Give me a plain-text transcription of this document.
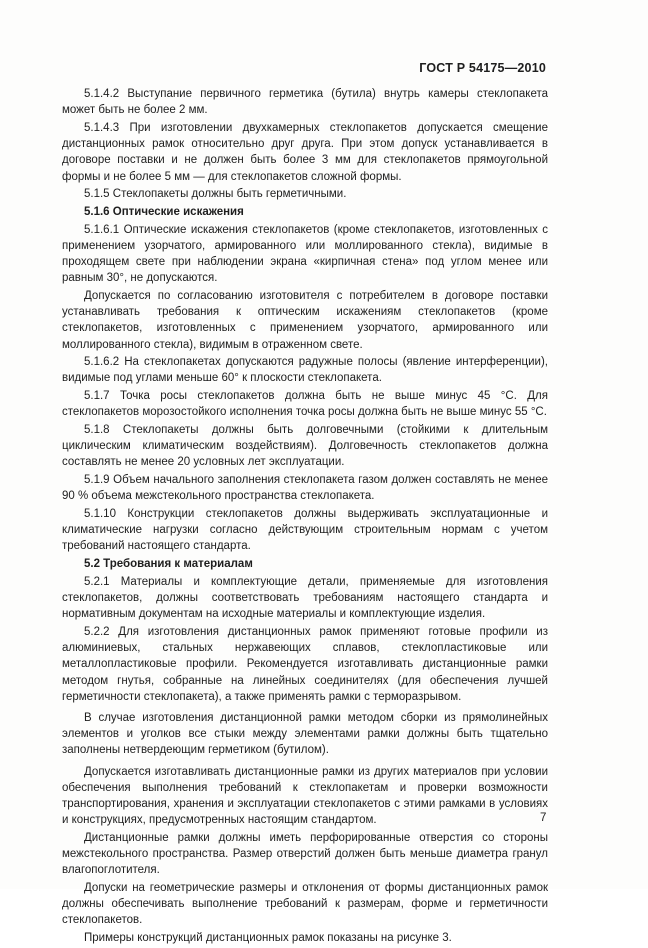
ГОСТ Р 54175—2010

5.1.4.2 Выступание первичного герметика (бутила) внутрь камеры стеклопакета может быть не более 2 мм.

5.1.4.3 При изготовлении двухкамерных стеклопакетов допускается смещение дистанционных рамок относительно друг друга. При этом допуск устанавливается в договоре поставки и не должен быть более 3 мм для стеклопакетов прямоугольной формы и не более 5 мм — для стеклопакетов сложной формы.

5.1.5 Стеклопакеты должны быть герметичными.

5.1.6 Оптические искажения

5.1.6.1 Оптические искажения стеклопакетов (кроме стеклопакетов, изготовленных с применением узорчатого, армированного или моллированного стекла), видимые в проходящем свете при наблюдении экрана «кирпичная стена» под углом менее или равным 30°, не допускаются.

Допускается по согласованию изготовителя с потребителем в договоре поставки устанавливать требования к оптическим искажениям стеклопакетов (кроме стеклопакетов, изготовленных с применением узорчатого, армированного или моллированного стекла), видимым в отраженном свете.

5.1.6.2 На стеклопакетах допускаются радужные полосы (явление интерференции), видимые под углами меньше 60° к плоскости стеклопакета.

5.1.7 Точка росы стеклопакетов должна быть не выше минус 45 °С. Для стеклопакетов морозостойкого исполнения точка росы должна быть не выше минус 55 °С.

5.1.8 Стеклопакеты должны быть долговечными (стойкими к длительным циклическим климатическим воздействиям). Долговечность стеклопакетов должна составлять не менее 20 условных лет эксплуатации.

5.1.9 Объем начального заполнения стеклопакета газом должен составлять не менее 90 % объема межстекольного пространства стеклопакета.

5.1.10 Конструкции стеклопакетов должны выдерживать эксплуатационные и климатические нагрузки согласно действующим строительным нормам с учетом требований настоящего стандарта.

5.2 Требования к материалам

5.2.1 Материалы и комплектующие детали, применяемые для изготовления стеклопакетов, должны соответствовать требованиям настоящего стандарта и нормативным документам на исходные материалы и комплектующие изделия.

5.2.2 Для изготовления дистанционных рамок применяют готовые профили из алюминиевых, стальных нержавеющих сплавов, стеклопластиковые или металлопластиковые профили. Рекомендуется изготавливать дистанционные рамки методом гнутья, собранные на линейных соединителях (для обеспечения лучшей герметичности стеклопакета), а также применять рамки с терморазрывом.

В случае изготовления дистанционной рамки методом сборки из прямолинейных элементов и уголков все стыки между элементами рамки должны быть тщательно заполнены нетвердеющим герметиком (бутилом).

Допускается изготавливать дистанционные рамки из других материалов при условии обеспечения выполнения требований к стеклопакетам и проверки возможности транспортирования, хранения и эксплуатации стеклопакетов с этими рамками в условиях и конструкциях, предусмотренных настоящим стандартом.

Дистанционные рамки должны иметь перфорированные отверстия со стороны межстекольного пространства. Размер отверстий должен быть меньше диаметра гранул влагопоглотителя.

Допуски на геометрические размеры и отклонения от формы дистанционных рамок должны обеспечивать выполнение требований к размерам, форме и герметичности стеклопакетов.

Примеры конструкций дистанционных рамок показаны на рисунке 3.

7
